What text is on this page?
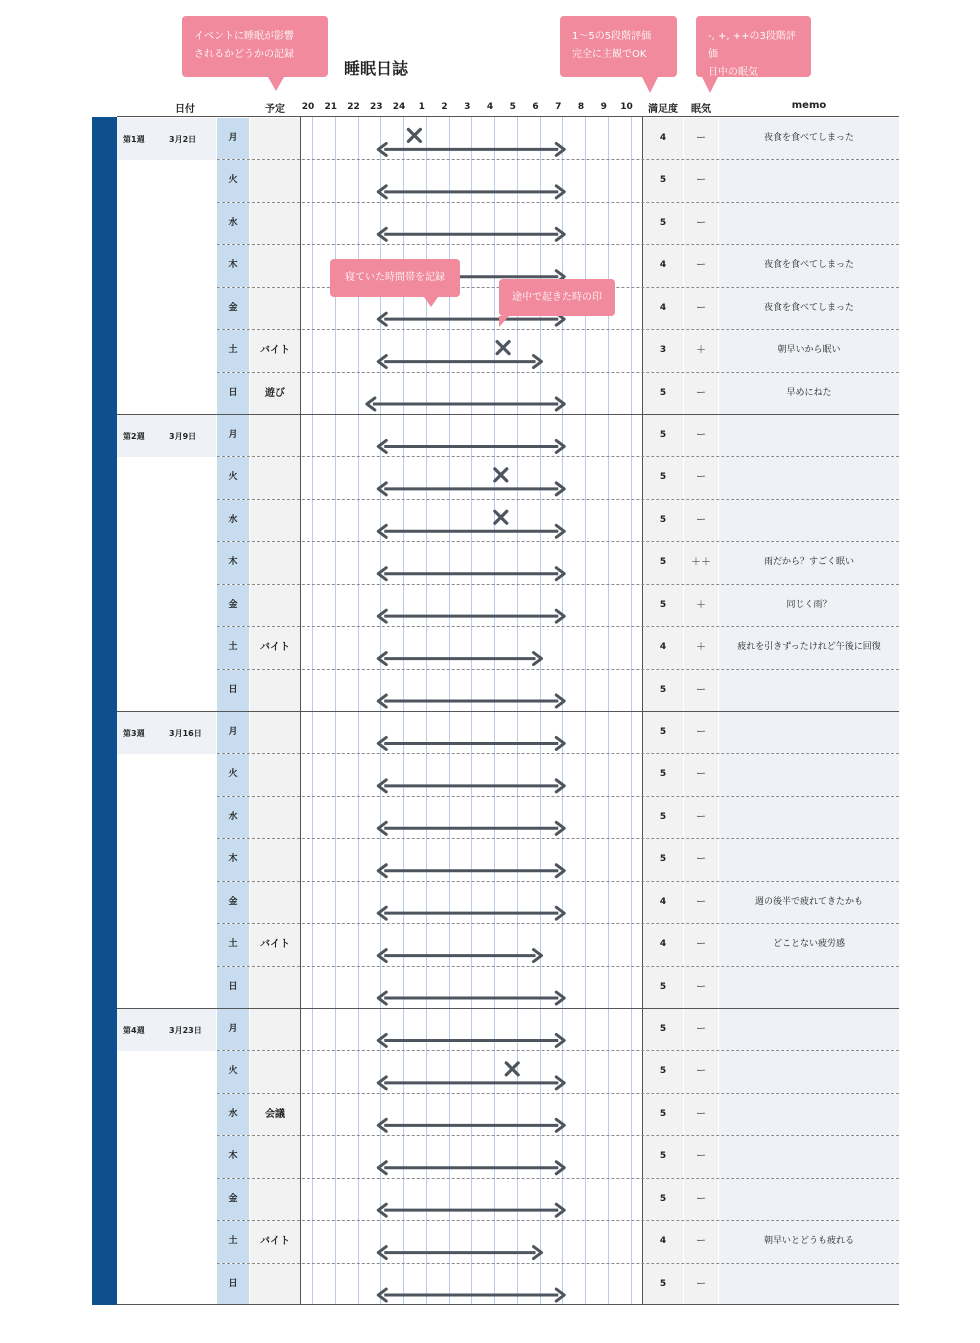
睡眠日誌
イベントに睡眠が影響
されるかどうかの記録
1〜5の5段階評価
完全に主観でOK
-, +, ++の3段階評価
日中の眠気
日付	予定	満足度	眠気	memo
20	21	22	23	24	1	2	3	4	5	6	7	8	9	10
第1週	3月2日	月	4	ー	夜食を食べてしまった
火	5	ー
水	5	ー
木	4	ー	夜食を食べてしまった
金	4	ー	夜食を食べてしまった
土	バイト	3	＋	朝早いから眠い
日	遊び	5	ー	早めにねた
第2週	3月9日	月	5	ー
火	5	ー
水	5	ー
木	5	＋＋	雨だから？すごく眠い
金	5	＋	同じく雨？
土	バイト	4	＋	疲れを引きずったけれど午後に回復
日	5	ー
第3週	3月16日	月	5	ー
火	5	ー
水	5	ー
木	5	ー
金	4	ー	週の後半で疲れてきたかも
土	バイト	4	ー	どことない疲労感
日	5	ー
第4週	3月23日	月	5	ー
火	5	ー
水	会議	5	ー
木	5	ー
金	5	ー
土	バイト	4	ー	朝早いとどうも疲れる
日	5	ー
寝ていた時間帯を記録
途中で起きた時の印
